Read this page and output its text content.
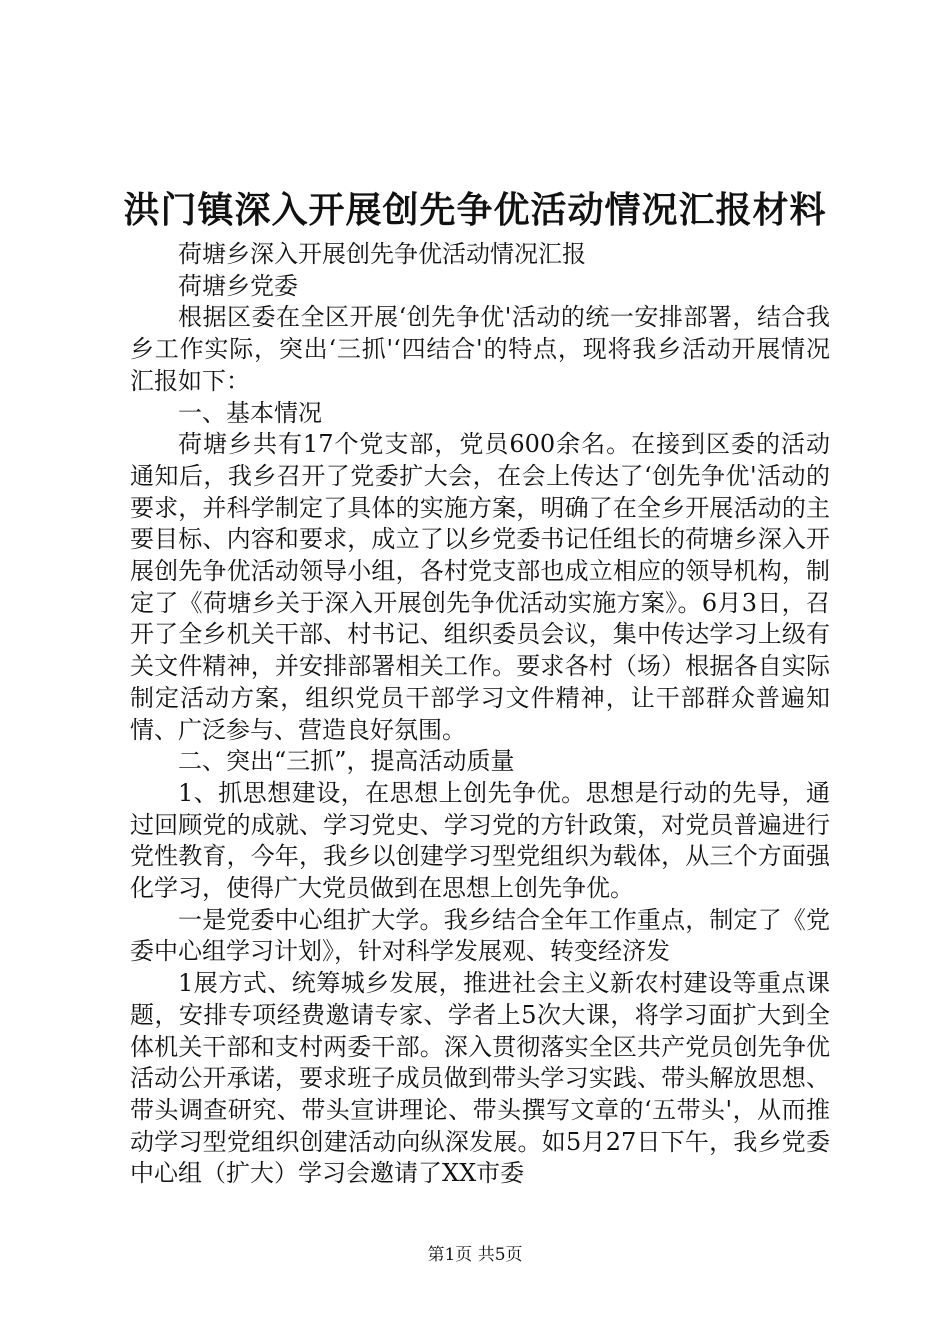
洪门镇深入开展创先争优活动情况汇报材料

荷塘乡深入开展创先争优活动情况汇报

荷塘乡党委

根据区委在全区开展‘创先争优'活动的统一安排部署，结合我乡工作实际，突出‘三抓'‘四结合'的特点，现将我乡活动开展情况汇报如下：

一、基本情况

荷塘乡共有17个党支部，党员600余名。在接到区委的活动通知后，我乡召开了党委扩大会，在会上传达了‘创先争优'活动的要求，并科学制定了具体的实施方案，明确了在全乡开展活动的主要目标、内容和要求，成立了以乡党委书记任组长的荷塘乡深入开展创先争优活动领导小组，各村党支部也成立相应的领导机构，制定了《荷塘乡关于深入开展创先争优活动实施方案》。6月3日，召开了全乡机关干部、村书记、组织委员会议，集中传达学习上级有关文件精神，并安排部署相关工作。要求各村（场）根据各自实际制定活动方案，组织党员干部学习文件精神，让干部群众普遍知情、广泛参与、营造良好氛围。

二、突出“三抓”，提高活动质量

1、抓思想建设，在思想上创先争优。思想是行动的先导，通过回顾党的成就、学习党史、学习党的方针政策，对党员普遍进行党性教育，今年，我乡以创建学习型党组织为载体，从三个方面强化学习，使得广大党员做到在思想上创先争优。

一是党委中心组扩大学。我乡结合全年工作重点，制定了《党委中心组学习计划》，针对科学发展观、转变经济发

1展方式、统筹城乡发展，推进社会主义新农村建设等重点课题，安排专项经费邀请专家、学者上5次大课，将学习面扩大到全体机关干部和支村两委干部。深入贯彻落实全区共产党员创先争优活动公开承诺，要求班子成员做到带头学习实践、带头解放思想、带头调查研究、带头宣讲理论、带头撰写文章的‘五带头'，从而推动学习型党组织创建活动向纵深发展。如5月27日下午，我乡党委中心组（扩大）学习会邀请了XX市委

第1页 共5页
